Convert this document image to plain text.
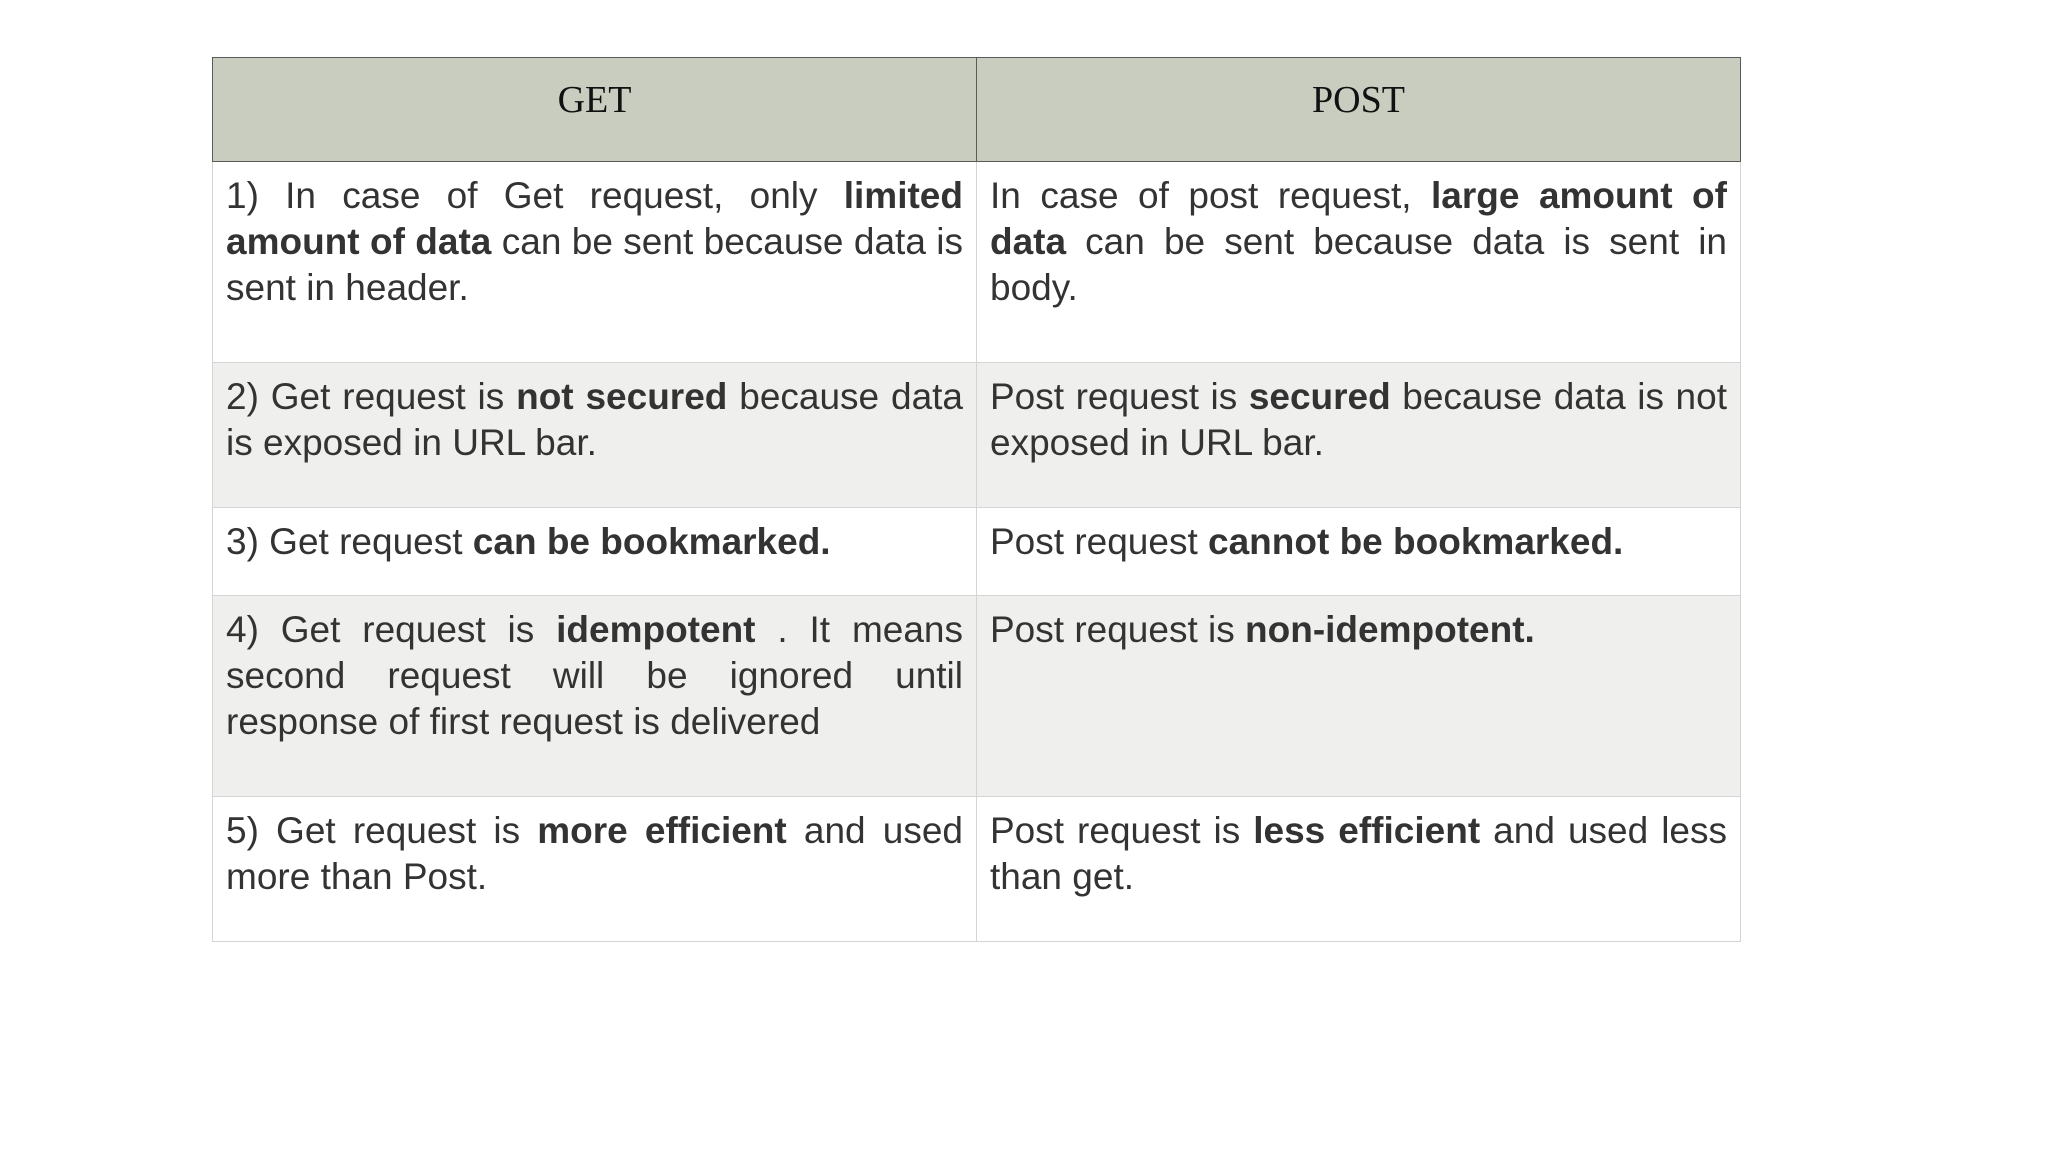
GET	POST
1) In case of Get request, only limited amount of data can be sent because data is sent in header.	In case of post request, large amount of data can be sent because data is sent in body.
2) Get request is not secured because data is exposed in URL bar.	Post request is secured because data is not exposed in URL bar.
3) Get request can be bookmarked.	Post request cannot be bookmarked.
4) Get request is idempotent . It means second request will be ignored until response of first request is delivered	Post request is non-idempotent.
5) Get request is more efficient and used more than Post.	Post request is less efficient and used less than get.
